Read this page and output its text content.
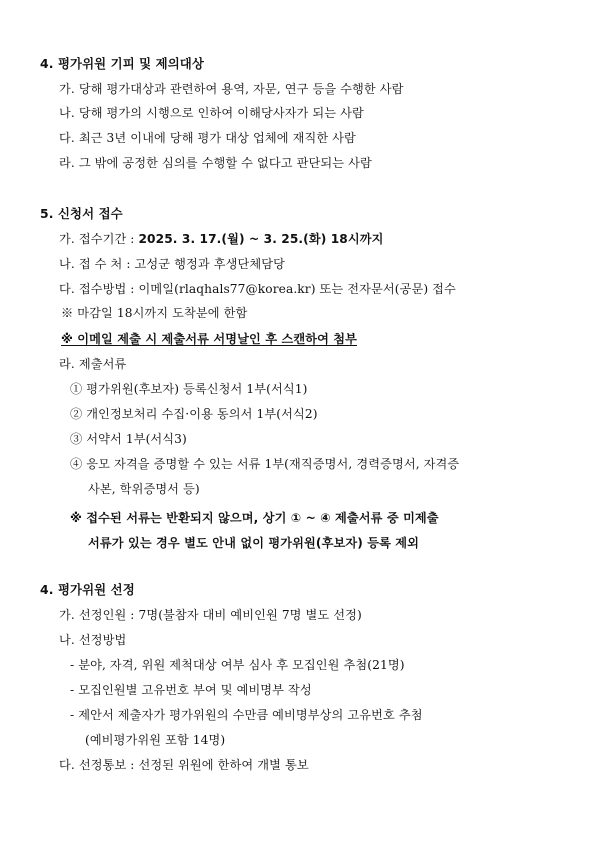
4. 평가위원 기피 및 제의대상
가. 당해 평가대상과 관련하여 용역, 자문, 연구 등을 수행한 사람
나. 당해 평가의 시행으로 인하여 이해당사자가 되는 사람
다. 최근 3년 이내에 당해 평가 대상 업체에 재직한 사람
라. 그 밖에 공정한 심의를 수행할 수 없다고 판단되는 사람
5. 신청서 접수
가. 접수기간 : 2025. 3. 17.(월) ~ 3. 25.(화) 18시까지
나. 접 수 처 : 고성군 행정과 후생단체담당
다. 접수방법 : 이메일(rlaqhals77@korea.kr) 또는 전자문서(공문) 접수
※ 마감일 18시까지 도착분에 한함
※ 이메일 제출 시 제출서류 서명날인 후 스캔하여 첨부
라. 제출서류
① 평가위원(후보자) 등록신청서 1부(서식1)
② 개인정보처리 수집·이용 동의서 1부(서식2)
③ 서약서 1부(서식3)
④ 응모 자격을 증명할 수 있는 서류 1부(재직증명서, 경력증명서, 자격증
사본, 학위증명서 등)
※ 접수된 서류는 반환되지 않으며, 상기 ① ~ ④ 제출서류 중 미제출
서류가 있는 경우 별도 안내 없이 평가위원(후보자) 등록 제외
4. 평가위원 선정
가. 선정인원 : 7명(불참자 대비 예비인원 7명 별도 선정)
나. 선정방법
- 분야, 자격, 위원 제척대상 여부 심사 후 모집인원 추첨(21명)
- 모집인원별 고유번호 부여 및 예비명부 작성
- 제안서 제출자가 평가위원의 수만큼 예비명부상의 고유번호 추첨
(예비평가위원 포함 14명)
다. 선정통보 : 선정된 위원에 한하여 개별 통보
